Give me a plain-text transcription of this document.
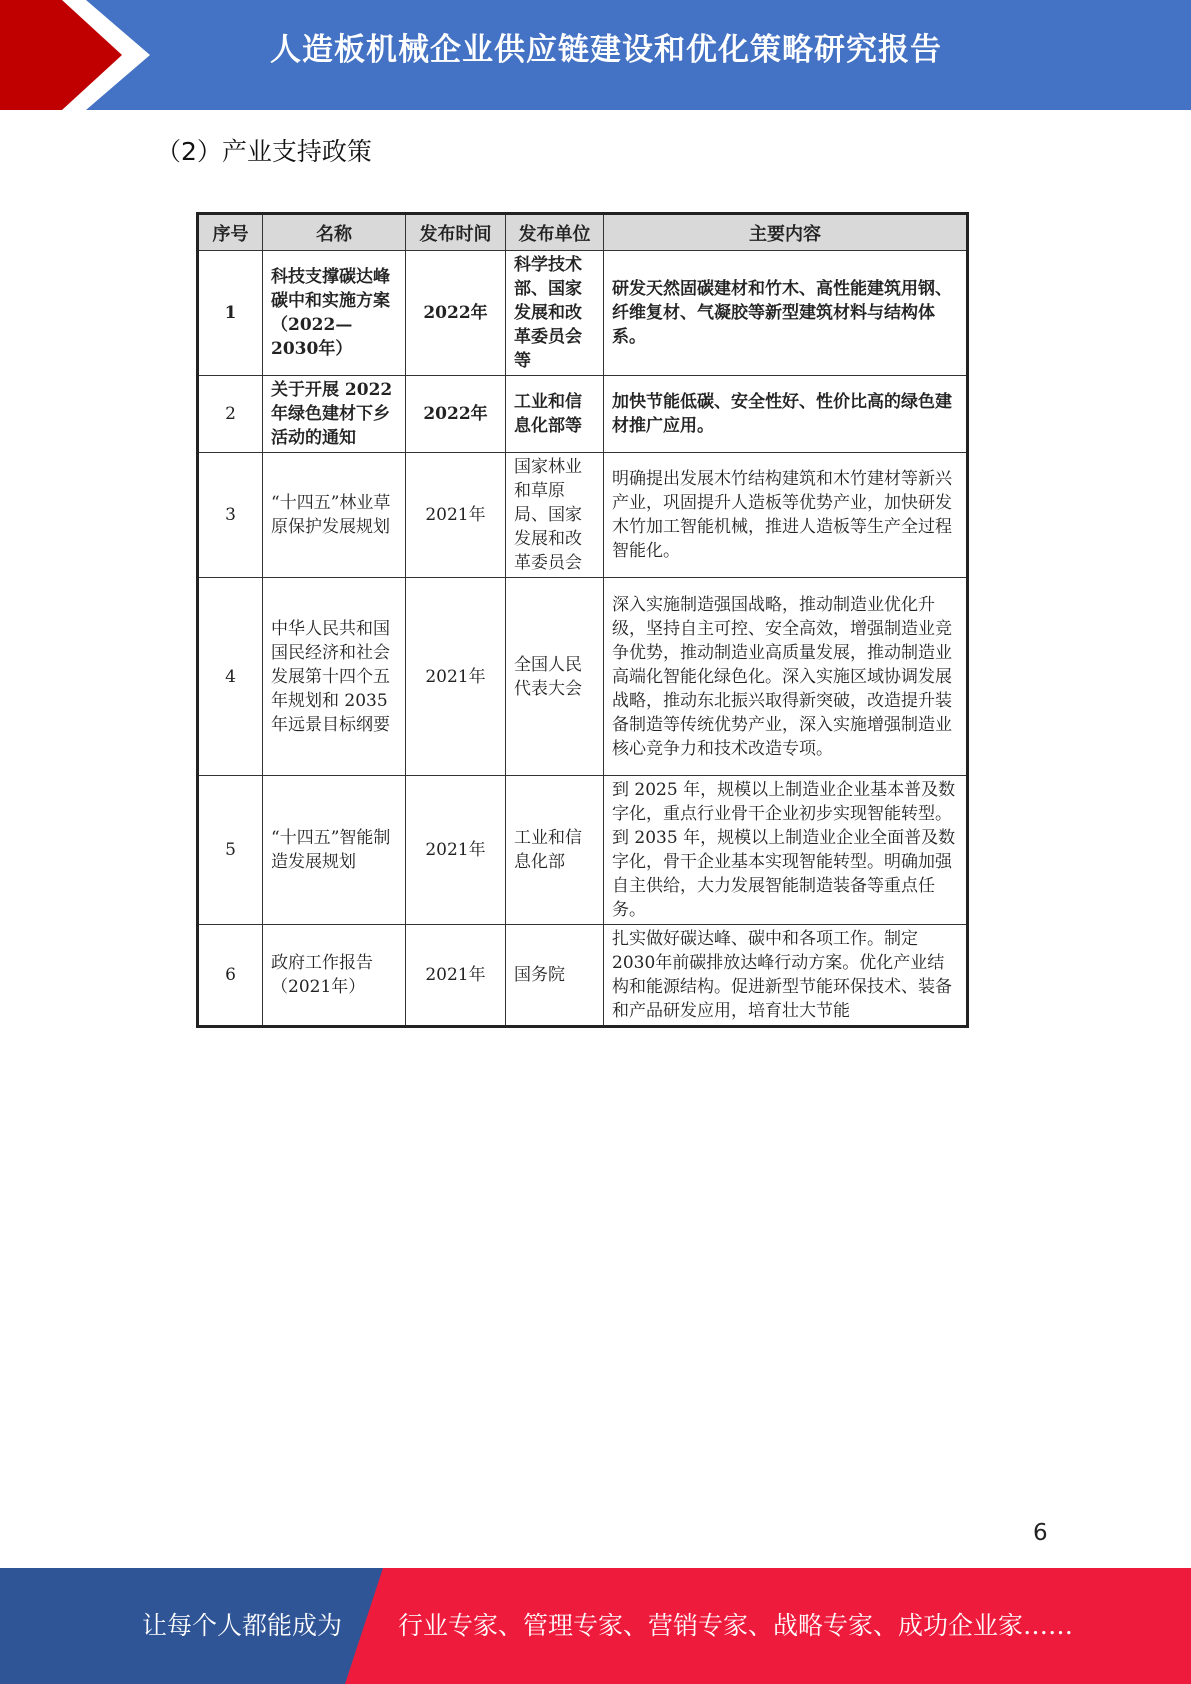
人造板机械企业供应链建设和优化策略研究报告
（2）产业支持政策
序号	名称	发布时间	发布单位	主要内容
1	科技支撑碳达峰碳中和实施方案（2022—2030年）	2022年	科学技术部、国家发展和改革委员会等	研发天然固碳建材和竹木、高性能建筑用钢、纤维复材、气凝胶等新型建筑材料与结构体系。
2	关于开展 2022 年绿色建材下乡活动的通知	2022年	工业和信息化部等	加快节能低碳、安全性好、性价比高的绿色建材推广应用。
3	“十四五”林业草原保护发展规划	2021年	国家林业和草原局、国家发展和改革委员会	明确提出发展木竹结构建筑和木竹建材等新兴产业，巩固提升人造板等优势产业，加快研发木竹加工智能机械，推进人造板等生产全过程智能化。
4	中华人民共和国国民经济和社会发展第十四个五年规划和 2035 年远景目标纲要	2021年	全国人民代表大会	深入实施制造强国战略，推动制造业优化升级，坚持自主可控、安全高效，增强制造业竞争优势，推动制造业高质量发展，推动制造业高端化智能化绿色化。深入实施区域协调发展战略，推动东北振兴取得新突破，改造提升装备制造等传统优势产业，深入实施增强制造业核心竞争力和技术改造专项。
5	“十四五”智能制造发展规划	2021年	工业和信息化部	到 2025 年，规模以上制造业企业基本普及数字化，重点行业骨干企业初步实现智能转型。到 2035 年，规模以上制造业企业全面普及数字化，骨干企业基本实现智能转型。明确加强自主供给，大力发展智能制造装备等重点任务。
6	政府工作报告（2021年）	2021年	国务院	扎实做好碳达峰、碳中和各项工作。制定2030年前碳排放达峰行动方案。优化产业结构和能源结构。促进新型节能环保技术、装备和产品研发应用，培育壮大节能
6
让每个人都能成为 行业专家、管理专家、营销专家、战略专家、成功企业家……
